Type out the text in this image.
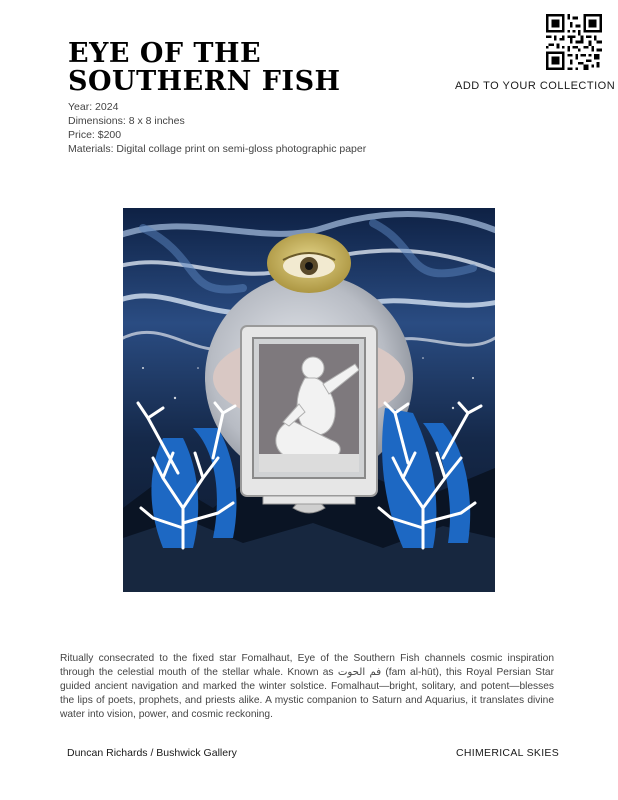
EYE OF THE SOUTHERN FISH	ADD TO YOUR COLLECTION
Year: 2024
Dimensions: 8 x 8 inches
Price: $200
Materials: Digital collage print on semi-gloss photographic paper

Ritually consecrated to the fixed star Fomalhaut, Eye of the Southern Fish channels cosmic inspiration through the celestial mouth of the stellar whale. Known as فم الحوت (fam al-hūt), this Royal Persian Star guided ancient navigation and marked the winter solstice. Fomalhaut—bright, solitary, and potent—blesses the lips of poets, prophets, and priests alike. A mystic companion to Saturn and Aquarius, it translates divine water into vision, power, and cosmic reckoning.

Duncan Richards / Bushwick Gallery	CHIMERICAL SKIES
